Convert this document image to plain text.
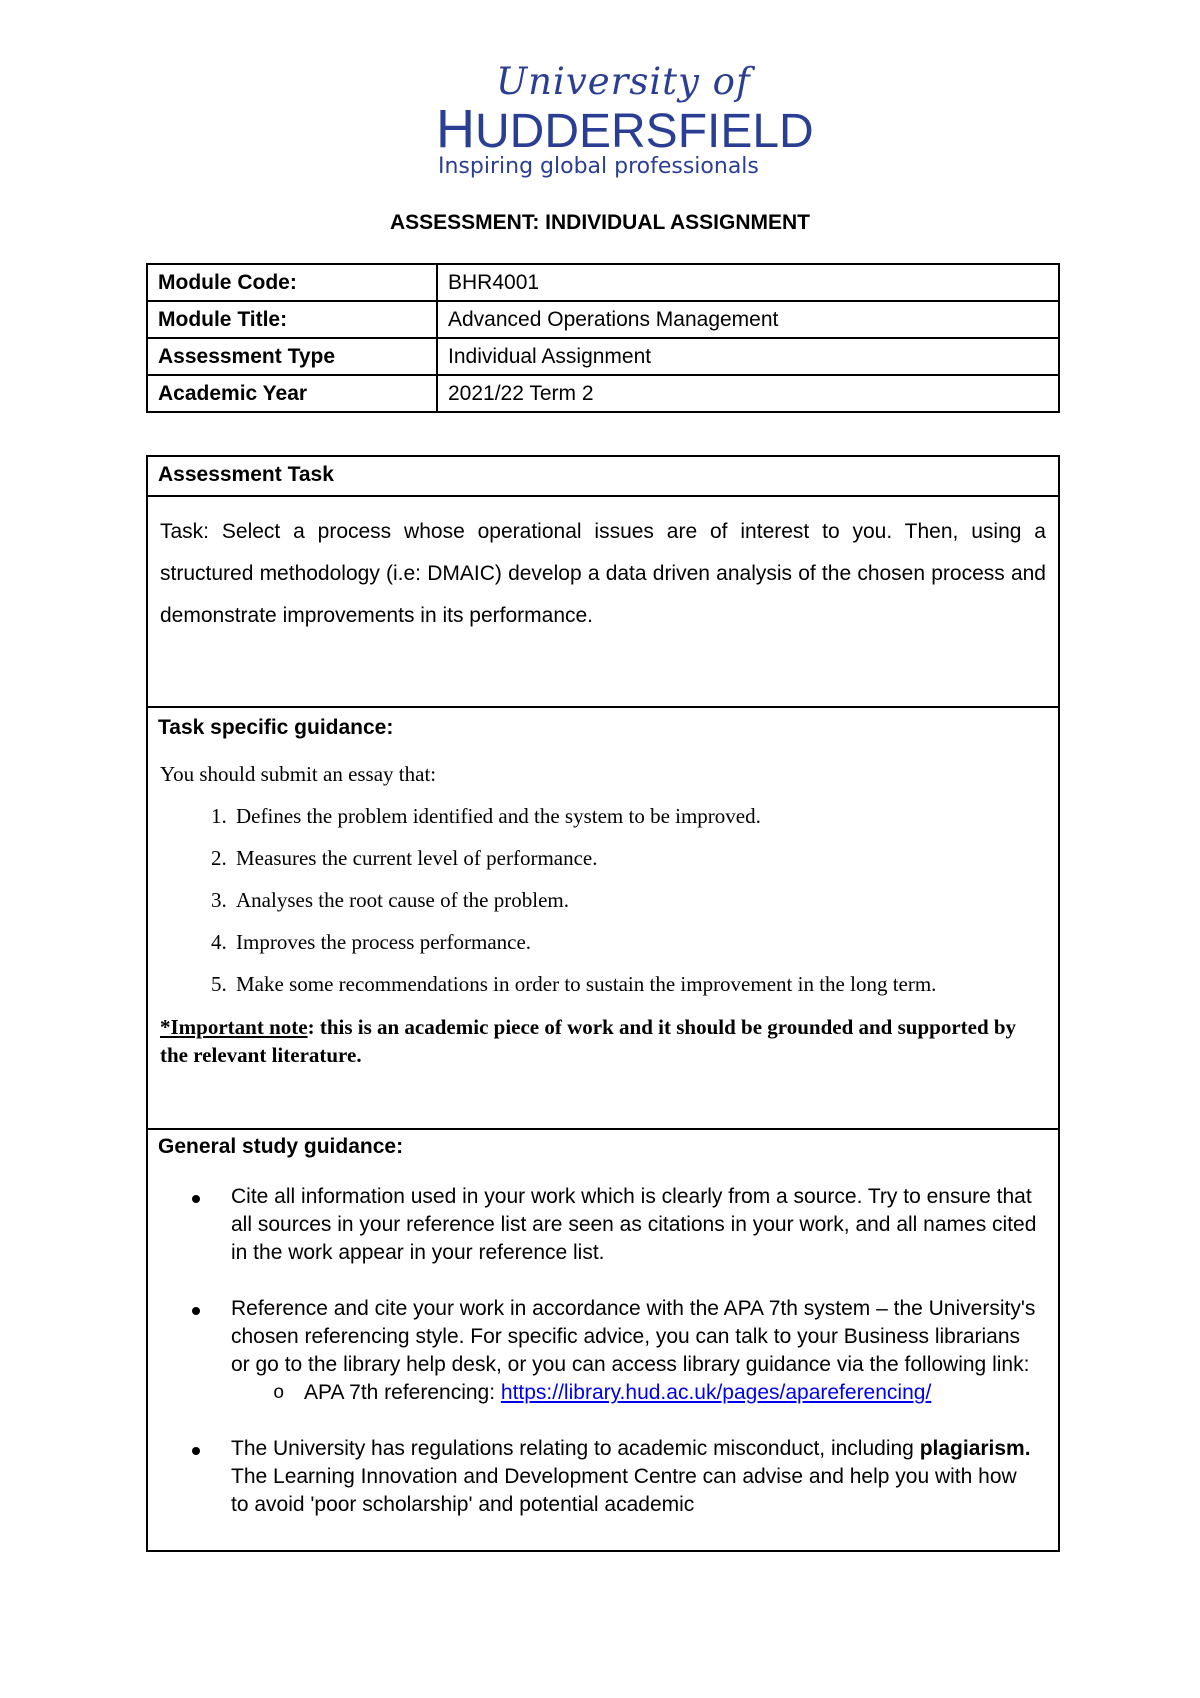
University of
HUDDERSFIELD
Inspiring global professionals
ASSESSMENT: INDIVIDUAL ASSIGNMENT
Module Code:	BHR4001
Module Title:	Advanced Operations Management
Assessment Type	Individual Assignment
Academic Year	2021/22 Term 2
Assessment Task
Task: Select a process whose operational issues are of interest to you. Then, using a structured methodology (i.e: DMAIC) develop a data driven analysis of the chosen process and demonstrate improvements in its performance.
Task specific guidance:
You should submit an essay that:
1. Defines the problem identified and the system to be improved.
2. Measures the current level of performance.
3. Analyses the root cause of the problem.
4. Improves the process performance.
5. Make some recommendations in order to sustain the improvement in the long term.
*Important note: this is an academic piece of work and it should be grounded and supported by the relevant literature.
General study guidance:
Cite all information used in your work which is clearly from a source. Try to ensure that all sources in your reference list are seen as citations in your work, and all names cited in the work appear in your reference list.
Reference and cite your work in accordance with the APA 7th system – the University's chosen referencing style. For specific advice, you can talk to your Business librarians or go to the library help desk, or you can access library guidance via the following link:
o APA 7th referencing: https://library.hud.ac.uk/pages/apareferencing/
The University has regulations relating to academic misconduct, including plagiarism. The Learning Innovation and Development Centre can advise and help you with how to avoid 'poor scholarship' and potential academic
